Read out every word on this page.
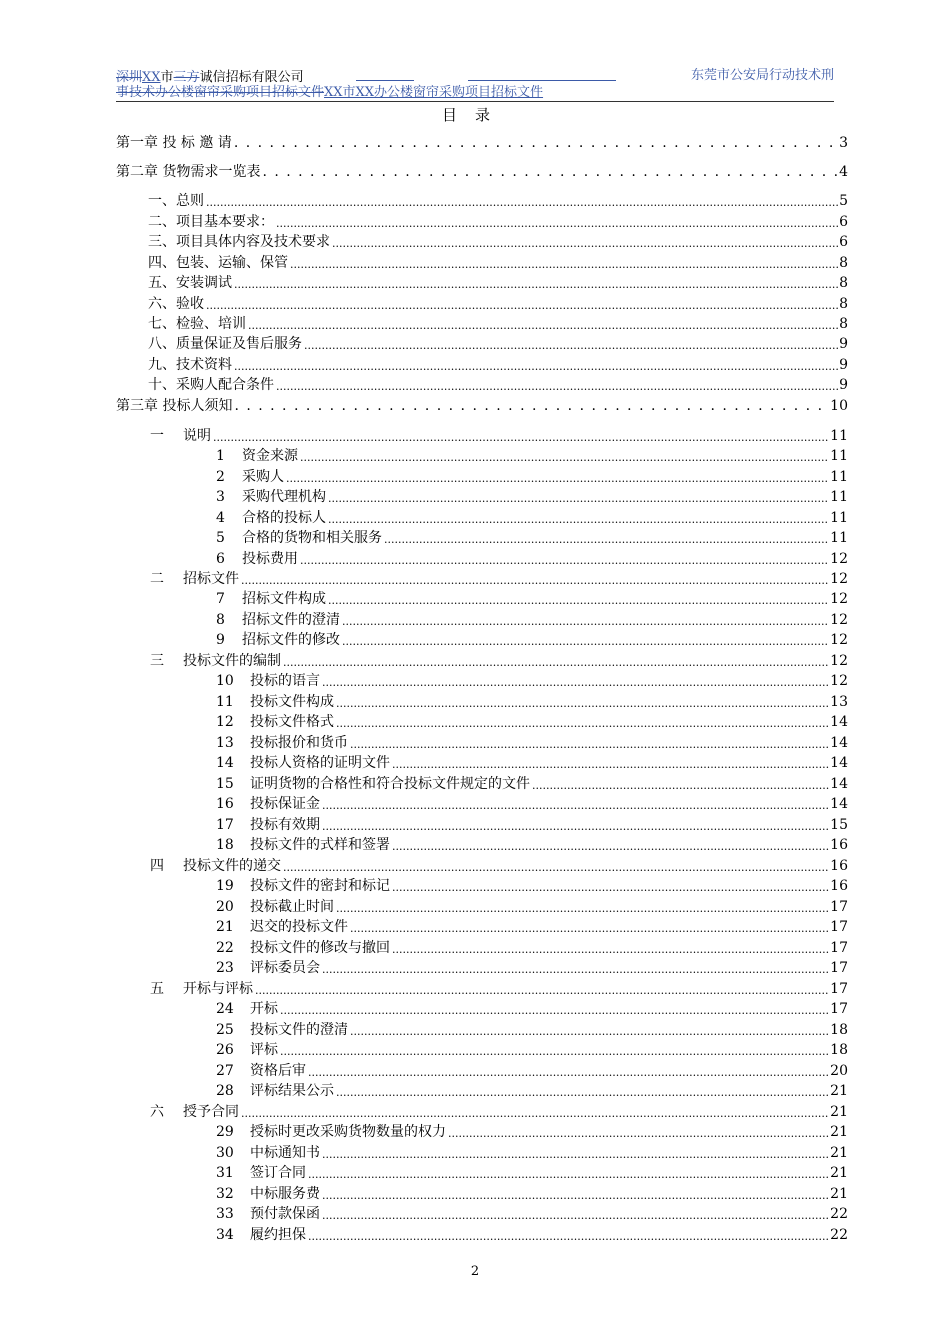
深圳XX市三方诚信招标有限公司	东莞市公安局行动技术刑
事技术办公楼窗帘采购项目招标文件XX市XX办公楼窗帘采购项目招标文件
目录
. . .
第一章 投 标 邀 请	3
. . .
第二章 货物需求一览表	4
.....
一、总则	5
.....
二、项目基本要求：	6
.....
三、项目具体内容及技术要求	6
.....
四、包装、运输、保管	8
.....
五、安装调试	8
.....
六、验收	8
.....
七、检验、培训	8
.....
八、质量保证及售后服务	9
.....
九、技术资料	9
.....
十、采购人配合条件	9
. . .
第三章 投标人须知	10
.....
一 说明	11
.....
1 资金来源	11
.....
2 采购人	11
.....
3 采购代理机构	11
.....
4 合格的投标人	11
.....
5 合格的货物和相关服务	11
.....
6 投标费用	12
.....
二 招标文件	12
.....
7 招标文件构成	12
.....
8 招标文件的澄清	12
.....
9 招标文件的修改	12
.....
三 投标文件的编制	12
.....
10 投标的语言	12
.....
11 投标文件构成	13
.....
12 投标文件格式	14
.....
13 投标报价和货币	14
.....
14 投标人资格的证明文件	14
.....
15 证明货物的合格性和符合投标文件规定的文件	14
.....
16 投标保证金	14
.....
17 投标有效期	15
.....
18 投标文件的式样和签署	16
.....
四 投标文件的递交	16
.....
19 投标文件的密封和标记	16
.....
20 投标截止时间	17
.....
21 迟交的投标文件	17
.....
22 投标文件的修改与撤回	17
.....
23 评标委员会	17
.....
五 开标与评标	17
.....
24 开标	17
.....
25 投标文件的澄清	18
.....
26 评标	18
.....
27 资格后审	20
.....
28 评标结果公示	21
.....
六 授予合同	21
.....
29 授标时更改采购货物数量的权力	21
.....
30 中标通知书	21
.....
31 签订合同	21
.....
32 中标服务费	21
.....
33 预付款保函	22
.....
34 履约担保	22
2
